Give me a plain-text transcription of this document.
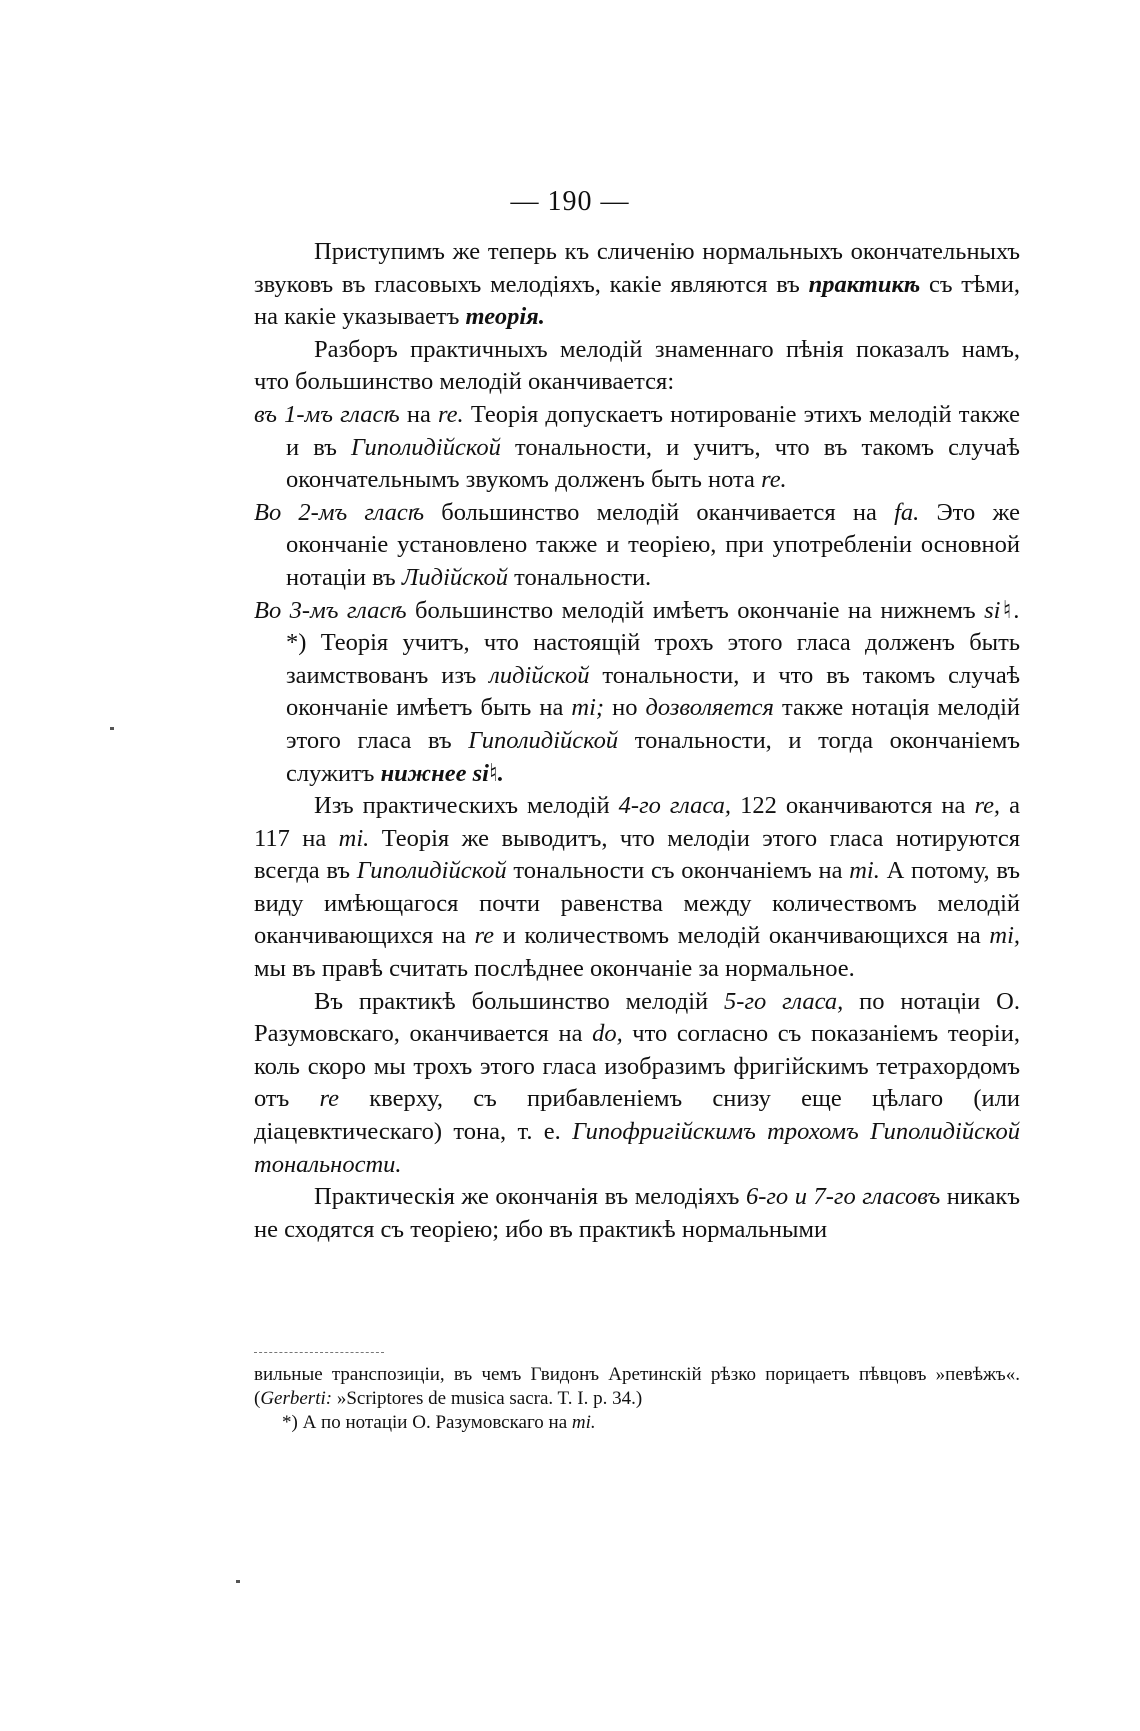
— 190 —

Приступимъ же теперь къ сличенію нормальныхъ окончательныхъ звуковъ въ гласовыхъ мелодіяхъ, какіе являются въ практикѣ съ тѣми, на какіе указываетъ теорія.

Разборъ практичныхъ мелодій знаменнаго пѣнія показалъ намъ, что большинство мелодій оканчивается:

въ 1-мъ гласѣ на re. Теорія допускаетъ нотированіе этихъ мелодій также и въ Гиполидійской тональности, и учитъ, что въ такомъ случаѣ окончательнымъ звукомъ долженъ быть нота re.

Во 2-мъ гласѣ большинство мелодій оканчивается на fa. Это же окончаніе установлено также и теоріею, при употребленіи основной нотаціи въ Лидійской тональности.

Во 3-мъ гласѣ большинство мелодій имѣетъ окончаніе на нижнемъ si♮. *) Теорія учитъ, что настоящій трохъ этого гласа долженъ быть заимствованъ изъ лидійской тональности, и что въ такомъ случаѣ окончаніе имѣетъ быть на mi; но дозволяется также нотація мелодій этого гласа въ Гиполидійской тональности, и тогда окончаніемъ служитъ нижнее si♮.

Изъ практическихъ мелодій 4-го гласа, 122 оканчиваются на re, а 117 на mi. Теорія же выводитъ, что мелодіи этого гласа нотируются всегда въ Гиполидійской тональности съ окончаніемъ на mi. А потому, въ виду имѣющагося почти равенства между количествомъ мелодій оканчивающихся на re и количествомъ мелодій оканчивающихся на mi, мы въ правѣ считать послѣднее окончаніе за нормальное.

Въ практикѣ большинство мелодій 5-го гласа, по нотаціи О. Разумовскаго, оканчивается на do, что согласно съ показаніемъ теоріи, коль скоро мы трохъ этого гласа изобразимъ фригійскимъ тетрахордомъ отъ re кверху, съ прибавленіемъ снизу еще цѣлаго (или діацевктическаго) тона, т. е. Гипофригійскимъ трохомъ Гиполидійской тональности.

Практическія же окончанія въ мелодіяхъ 6-го и 7-го гласовъ никакъ не сходятся съ теоріею; ибо въ практикѣ нормальными

вильные транспозиціи, въ чемъ Гвидонъ Аретинскій рѣзко порицаетъ пѣвцовъ »певѣжъ«. (Gerberti: »Scriptores de musica sacra. T. I. p. 34.)

*) А по нотаціи О. Разумовскаго на mi.
